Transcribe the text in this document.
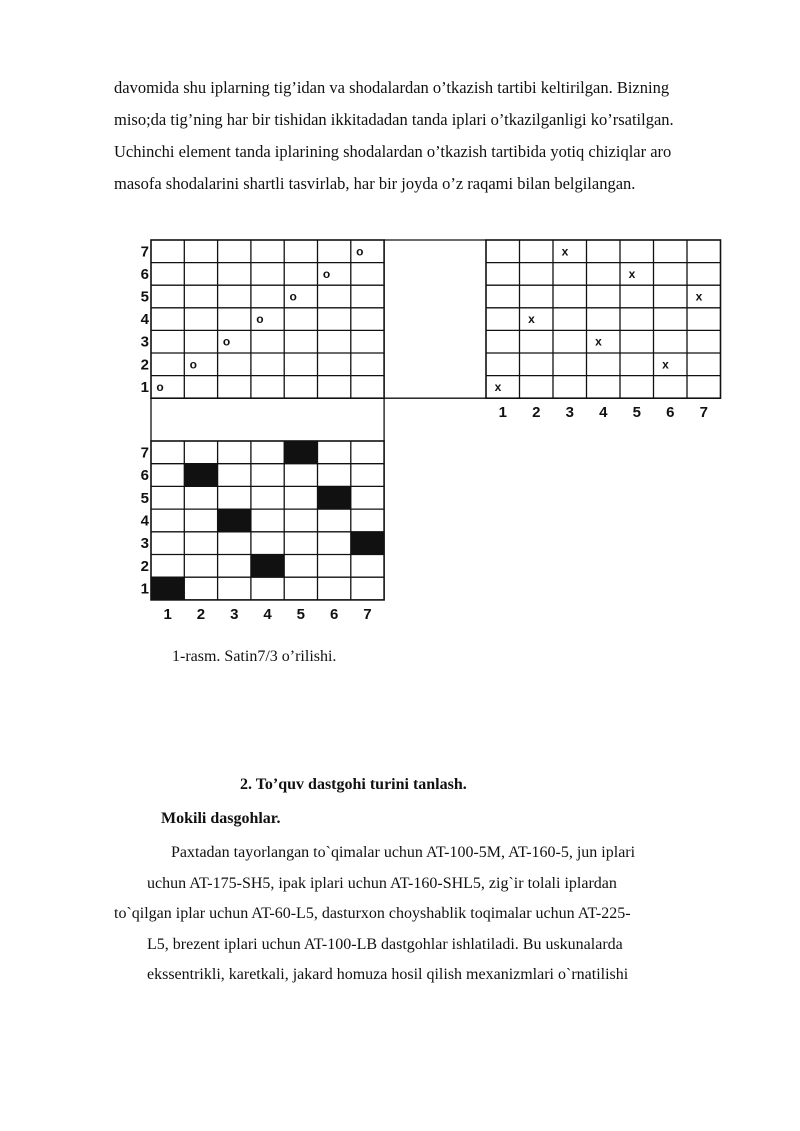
davomida shu iplarning tig’idan va shodalardan o’tkazish tartibi keltirilgan. Bizning
miso;da tig’ning har bir tishidan ikkitadadan tanda iplari o’tkazilganligi ko’rsatilgan.
Uchinchi element tanda iplarining shodalardan o’tkazish tartibida yotiq chiziqlar aro
masofa shodalarini shartli tasvirlab, har bir joyda o’z raqami bilan belgilangan.
7
6
5
4
3
2
1 o
o
o
o
o
o
o
1 2 3 4 5 6 7
x
x
x
x
x
x
x
7
6
5
4
3
2
1
1 2 3 4 5 6 7

1-rasm. Satin7/3 o’rilishi.

2. To’quv dastgohi turini tanlash.

Mokili dasgohlar.

Paxtadan tayorlangan to`qimalar uchun AT-100-5M, AT-160-5, jun iplari
uchun AT-175-SH5, ipak iplari uchun AT-160-SHL5, zig`ir tolali iplardan
to`qilgan iplar uchun AT-60-L5, dasturxon choyshablik toqimalar uchun AT-225-
L5, brezent iplari uchun AT-100-LB dastgohlar ishlatiladi. Bu uskunalarda
ekssentrikli, karetkali, jakard homuza hosil qilish mexanizmlari o`rnatilishi
